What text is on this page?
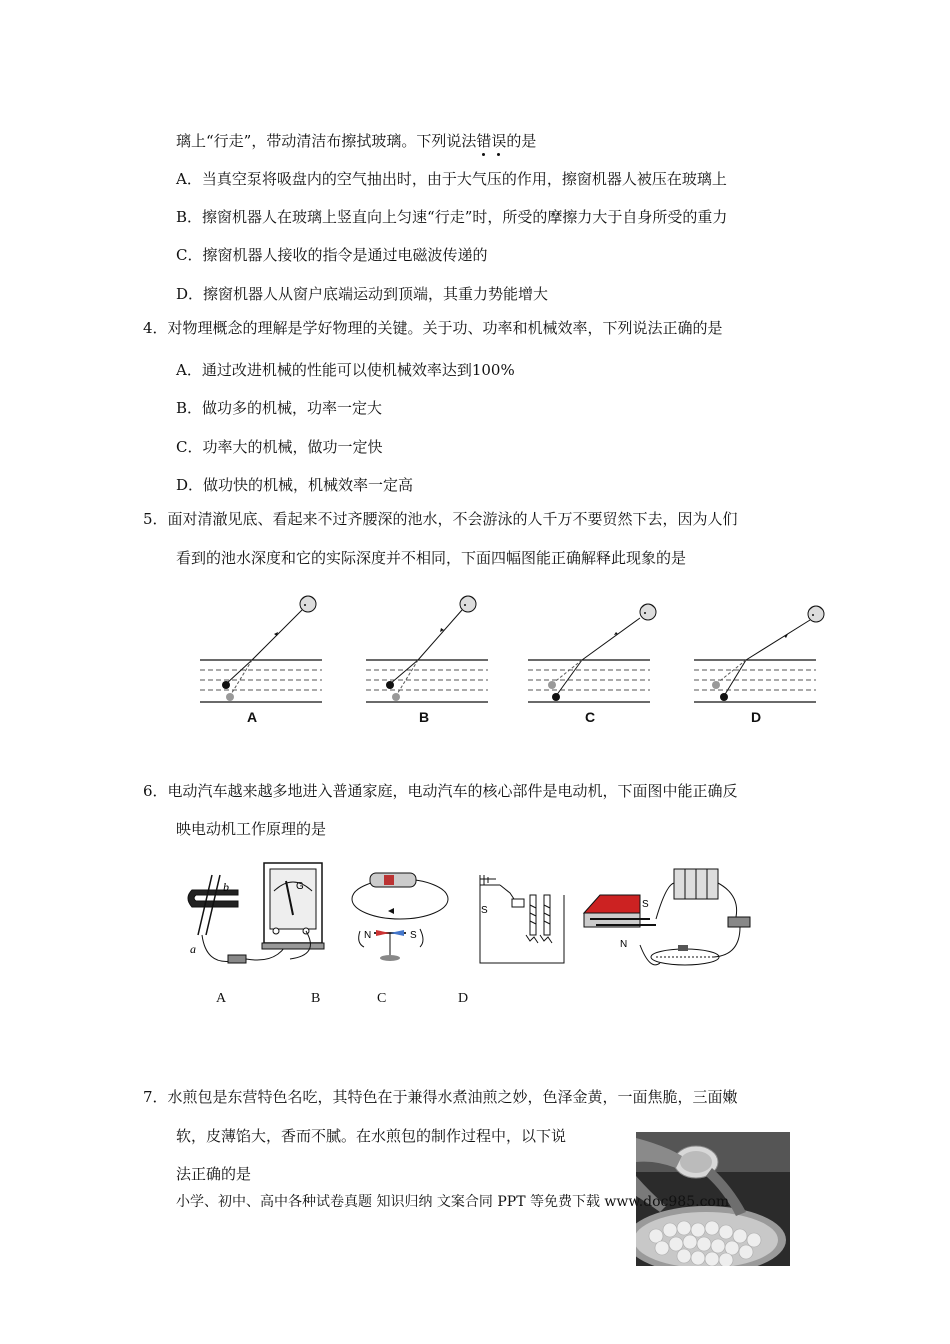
璃上“行走”，带动清洁布擦拭玻璃。下列说法错误的是
A．当真空泵将吸盘内的空气抽出时，由于大气压的作用，擦窗机器人被压在玻璃上
B．擦窗机器人在玻璃上竖直向上匀速“行走”时，所受的摩擦力大于自身所受的重力
C．擦窗机器人接收的指令是通过电磁波传递的
D．擦窗机器人从窗户底端运动到顶端，其重力势能增大
4．对物理概念的理解是学好物理的关键。关于功、功率和机械效率，下列说法正确的是
A．通过改进机械的性能可以使机械效率达到100%
B．做功多的机械，功率一定大
C．功率大的机械，做功一定快
D．做功快的机械，机械效率一定高
5．面对清澈见底、看起来不过齐腰深的池水，不会游泳的人千万不要贸然下去，因为人们
看到的池水深度和它的实际深度并不相同，下面四幅图能正确解释此现象的是
A	B	C	D
6．电动汽车越来越多地进入普通家庭，电动汽车的核心部件是电动机，下面图中能正确反
映电动机工作原理的是
b
a
G
N	S
S
S
N
A	B	C	D
7．水煎包是东营特色名吃，其特色在于兼得水煮油煎之妙，色泽金黄，一面焦脆，三面嫩
软，皮薄馅大，香而不腻。在水煎包的制作过程中，以下说
法正确的是
小学、初中、高中各种试卷真题 知识归纳 文案合同 PPT 等免费下载 www.doc985.com
